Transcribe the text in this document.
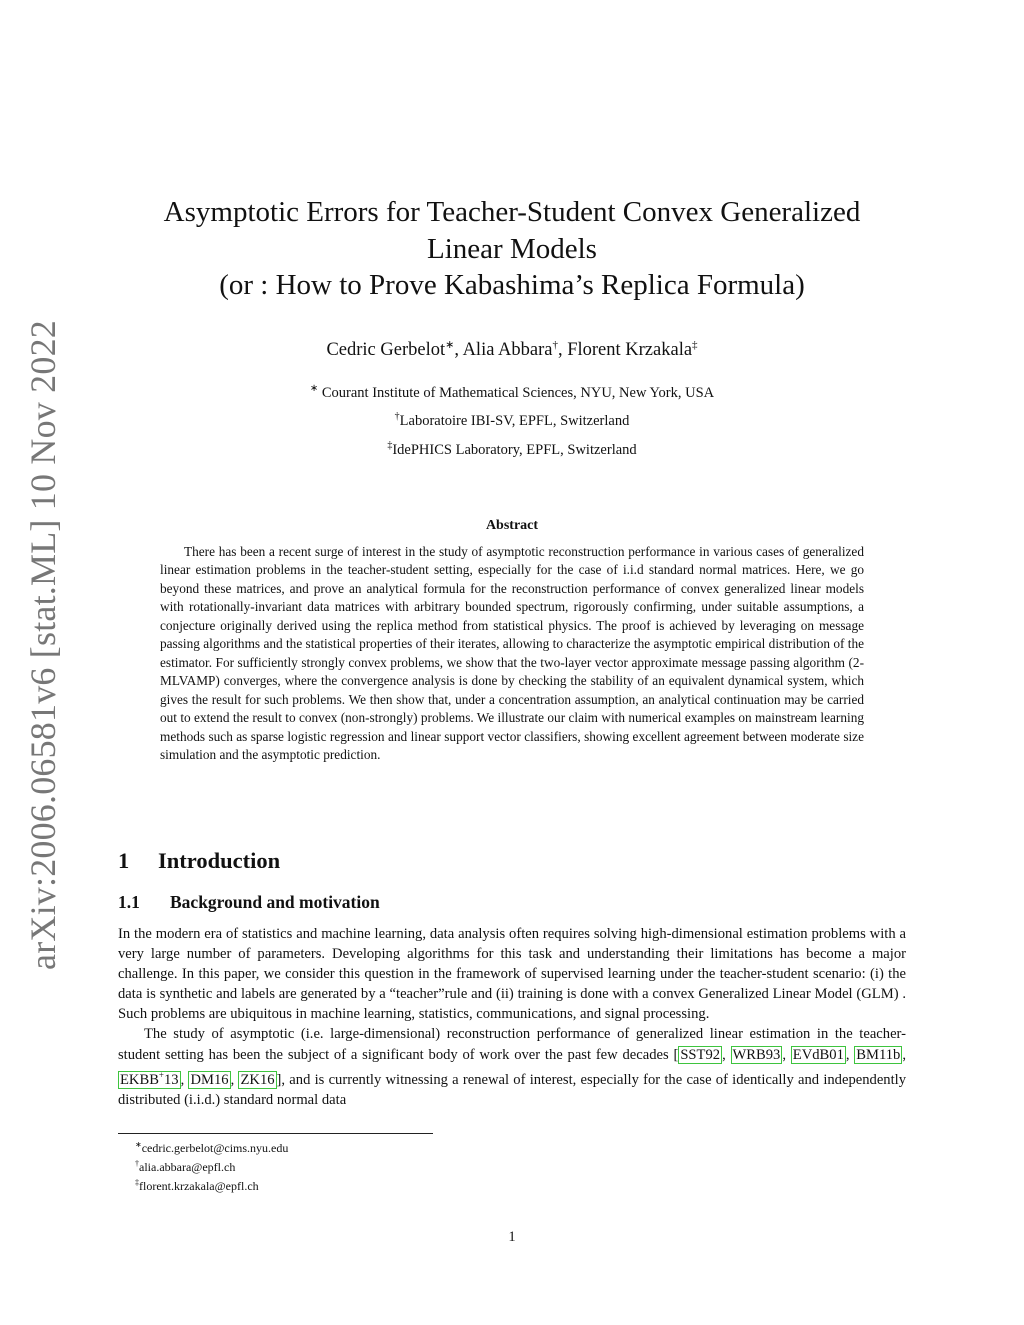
arXiv:2006.06581v6 [stat.ML] 10 Nov 2022
Asymptotic Errors for Teacher-Student Convex Generalized
Linear Models
(or : How to Prove Kabashima’s Replica Formula)
Cedric Gerbelot∗, Alia Abbara†, Florent Krzakala‡
∗ Courant Institute of Mathematical Sciences, NYU, New York, USA
†Laboratoire IBI-SV, EPFL, Switzerland
‡IdePHICS Laboratory, EPFL, Switzerland
Abstract

There has been a recent surge of interest in the study of asymptotic reconstruction performance in various cases of generalized linear estimation problems in the teacher-student setting, especially for the case of i.i.d standard normal matrices. Here, we go beyond these matrices, and prove an analytical formula for the reconstruction performance of convex generalized linear models with rotationally-invariant data matrices with arbitrary bounded spectrum, rigorously confirming, under suitable assumptions, a conjecture originally derived using the replica method from statistical physics. The proof is achieved by leveraging on message passing algorithms and the statistical properties of their iterates, allowing to characterize the asymptotic empirical distribution of the estimator. For sufficiently strongly convex problems, we show that the two-layer vector approximate message passing algorithm (2-MLVAMP) converges, where the convergence analysis is done by checking the stability of an equivalent dynamical system, which gives the result for such problems. We then show that, under a concentration assumption, an analytical continuation may be carried out to extend the result to convex (non-strongly) problems. We illustrate our claim with numerical examples on mainstream learning methods such as sparse logistic regression and linear support vector classifiers, showing excellent agreement between moderate size simulation and the asymptotic prediction.

1 Introduction
1.1 Background and motivation

In the modern era of statistics and machine learning, data analysis often requires solving high-dimensional estimation problems with a very large number of parameters. Developing algorithms for this task and understanding their limitations has become a major challenge. In this paper, we consider this question in the framework of supervised learning under the teacher-student scenario: (i) the data is synthetic and labels are generated by a “teacher”rule and (ii) training is done with a convex Generalized Linear Model (GLM) . Such problems are ubiquitous in machine learning, statistics, communications, and signal processing.

The study of asymptotic (i.e. large-dimensional) reconstruction performance of generalized linear estimation in the teacher-student setting has been the subject of a significant body of work over the past few decades [ SST92 , WRB93 , EVdB01 , BM11b , EKBB+13 , DM16 , ZK16 ], and is currently witnessing a renewal of interest, especially for the case of identically and independently distributed (i.i.d.) standard normal data

∗cedric.gerbelot@cims.nyu.edu
†alia.abbara@epfl.ch
‡florent.krzakala@epfl.ch
1
